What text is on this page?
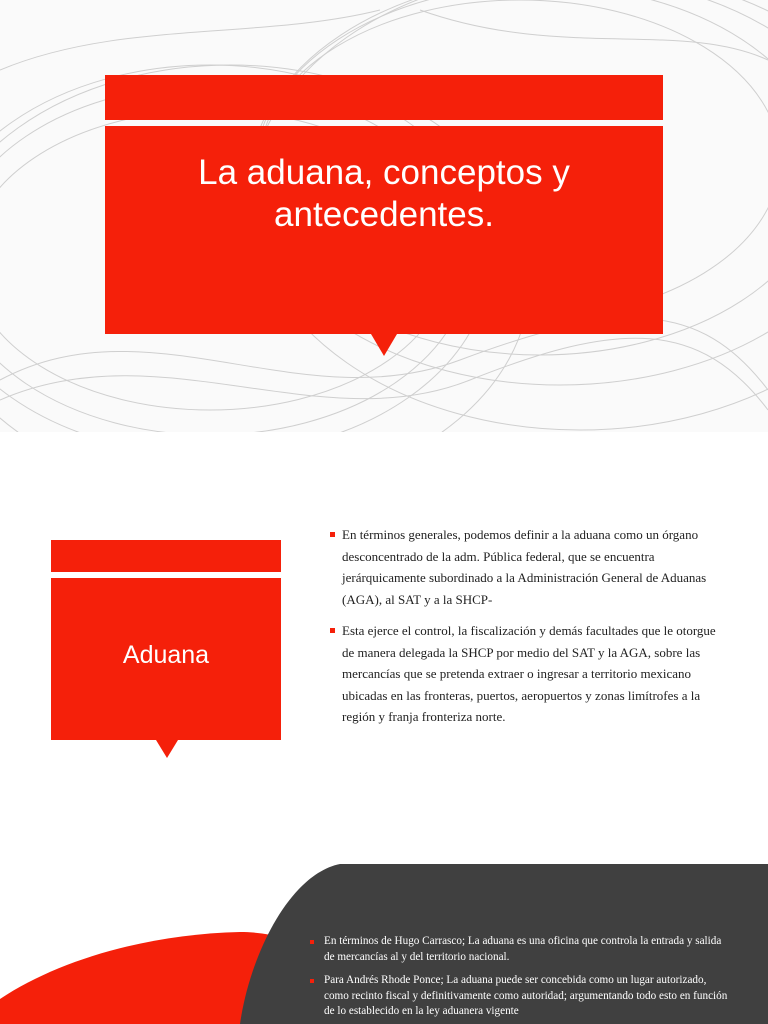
La aduana, conceptos y antecedentes.
Aduana
En términos generales, podemos definir a la aduana como un órgano desconcentrado de la adm. Pública federal, que se encuentra jerárquicamente subordinado a la Administración General de Aduanas (AGA), al SAT y a la SHCP-
Esta ejerce el control, la fiscalización y demás facultades que le otorgue de manera delegada la SHCP por medio del SAT y la AGA, sobre las mercancías que se pretenda extraer o ingresar a territorio mexicano ubicadas en las fronteras, puertos, aeropuertos y zonas limítrofes a la región y franja fronteriza norte.
En términos de Hugo Carrasco; La aduana es una oficina que controla la entrada y salida de mercancías al y del territorio nacional.
Para Andrés Rhode Ponce; La aduana puede ser concebida como un lugar autorizado, como recinto fiscal y definitivamente como autoridad; argumentando todo esto en función de lo establecido en la ley aduanera vigente
